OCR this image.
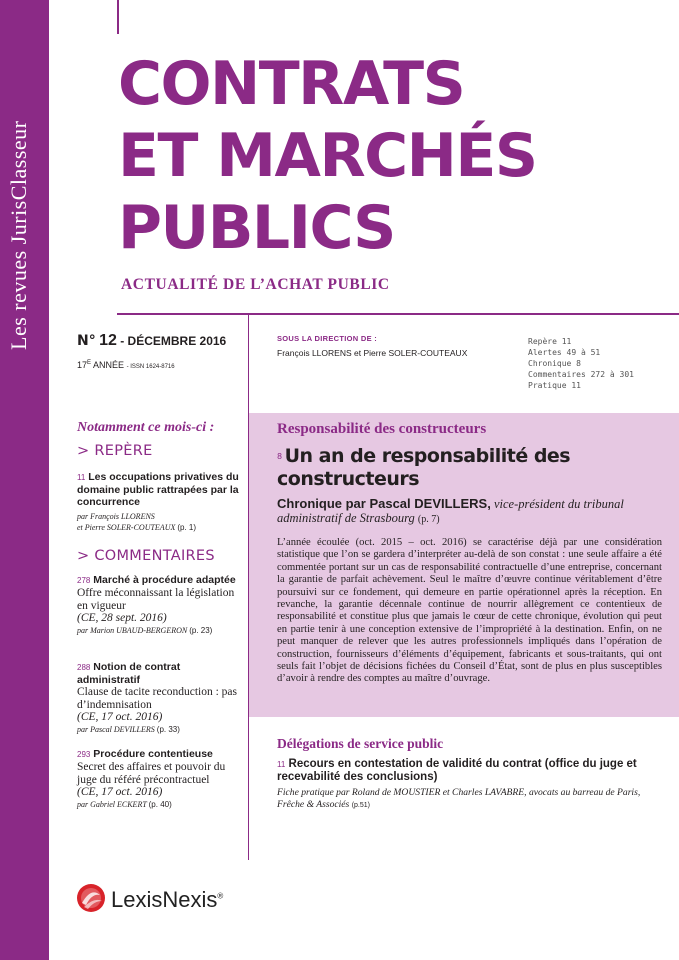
Les revues JurisClasseur
CONTRATS
ET MARCHÉS
PUBLICS
ACTUALITÉ DE L’ACHAT PUBLIC
N° 12 - DÉCEMBRE 2016
$17^E$ ANNÉE - ISSN 1624-8716
SOUS LA DIRECTION DE :
François LLORENS et Pierre SOLER-COUTEAUX
Repère 11
Alertes 49 à 51
Chronique 8
Commentaires 272 à 301
Pratique 11
Notamment ce mois-ci :
> REPÈRE
11 Les occupations privatives du domaine public rattrapées par la concurrence
par François LLORENS
et Pierre SOLER-COUTEAUX (p. 1)
> COMMENTAIRES
278 Marché à procédure adaptée
Offre méconnaissant la législation en vigueur
(CE, 28 sept. 2016)
par Marion UBAUD-BERGERON (p. 23)
288 Notion de contrat administratif
Clause de tacite reconduction : pas d’indemnisation
(CE, 17 oct. 2016)
par Pascal DEVILLERS (p. 33)
293 Procédure contentieuse
Secret des affaires et pouvoir du juge du référé précontractuel
(CE, 17 oct. 2016)
par Gabriel ECKERT (p. 40)
Responsabilité des constructeurs
8 Un an de responsabilité des constructeurs
Chronique par Pascal DEVILLERS, vice-président du tribunal administratif de Strasbourg (p. 7)
L’année écoulée (oct. 2015 – oct. 2016) se caractérise déjà par une considération statistique que l’on se gardera d’interpréter au-delà de son constat : une seule affaire a été commentée portant sur un cas de responsabilité contractuelle d’une entreprise, concernant la garantie de parfait achèvement. Seul le maître d’œuvre continue véritablement d’être poursuivi sur ce fondement, qui demeure en partie opérationnel après la réception. En revanche, la garantie décennale continue de nourrir allègrement ce contentieux de responsabilité et constitue plus que jamais le cœur de cette chronique, évolution qui peut en partie tenir à une conception extensive de l’impropriété à la destination. Enfin, on ne peut manquer de relever que les autres professionnels impliqués dans l’opération de construction, fournisseurs d’éléments d’équipement, fabricants et sous-traitants, qui ont seuls fait l’objet de décisions fichées du Conseil d’État, sont de plus en plus susceptibles d’avoir à rendre des comptes au maître d’ouvrage.
Délégations de service public
11 Recours en contestation de validité du contrat (office du juge et recevabilité des conclusions)
Fiche pratique par Roland de MOUSTIER et Charles LAVABRE, avocats au barreau de Paris, Frêche & Associés (p.51)
LexisNexis®
